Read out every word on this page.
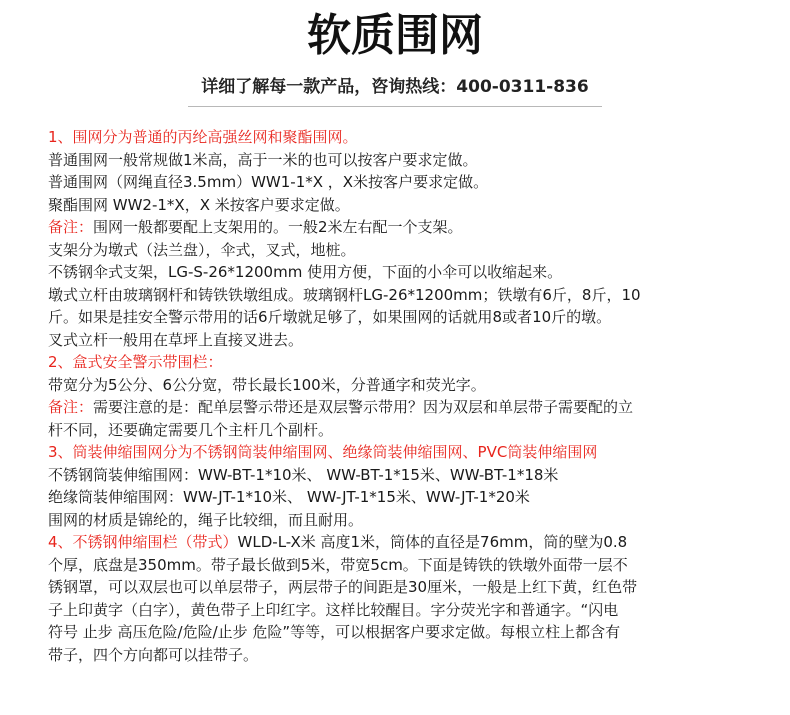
软质围网
详细了解每一款产品，咨询热线：400-0311-836
1、围网分为普通的丙纶高强丝网和聚酯围网。
普通围网一般常规做1米高，高于一米的也可以按客户要求定做。
普通围网（网绳直径3.5mm）WW1-1*X ，X米按客户要求定做。
聚酯围网 WW2-1*X，X 米按客户要求定做。
备注：围网一般都要配上支架用的。一般2米左右配一个支架。
支架分为墩式（法兰盘），伞式，叉式，地桩。
不锈钢伞式支架，LG-S-26*1200mm 使用方便，下面的小伞可以收缩起来。
墩式立杆由玻璃钢杆和铸铁铁墩组成。玻璃钢杆LG-26*1200mm；铁墩有6斤，8斤，10
斤。如果是挂安全警示带用的话6斤墩就足够了，如果围网的话就用8或者10斤的墩。
叉式立杆一般用在草坪上直接叉进去。
2、盒式安全警示带围栏：
带宽分为5公分、6公分宽，带长最长100米，分普通字和荧光字。
备注：需要注意的是：配单层警示带还是双层警示带用？因为双层和单层带子需要配的立
杆不同，还要确定需要几个主杆几个副杆。
3、筒装伸缩围网分为不锈钢筒装伸缩围网、绝缘筒装伸缩围网、PVC筒装伸缩围网
不锈钢筒装伸缩围网：WW-BT-1*10米、 WW-BT-1*15米、WW-BT-1*18米
绝缘筒装伸缩围网：WW-JT-1*10米、 WW-JT-1*15米、WW-JT-1*20米
围网的材质是锦纶的，绳子比较细，而且耐用。
4、不锈钢伸缩围栏（带式）WLD-L-X米 高度1米，筒体的直径是76mm，筒的壁为0.8
个厚，底盘是350mm。带子最长做到5米，带宽5cm。下面是铸铁的铁墩外面带一层不
锈钢罩，可以双层也可以单层带子，两层带子的间距是30厘米，一般是上红下黄，红色带
子上印黄字（白字），黄色带子上印红字。这样比较醒目。字分荧光字和普通字。“闪电
符号 止步 高压危险/危险/止步 危险”等等，可以根据客户要求定做。每根立柱上都含有
带子，四个方向都可以挂带子。
